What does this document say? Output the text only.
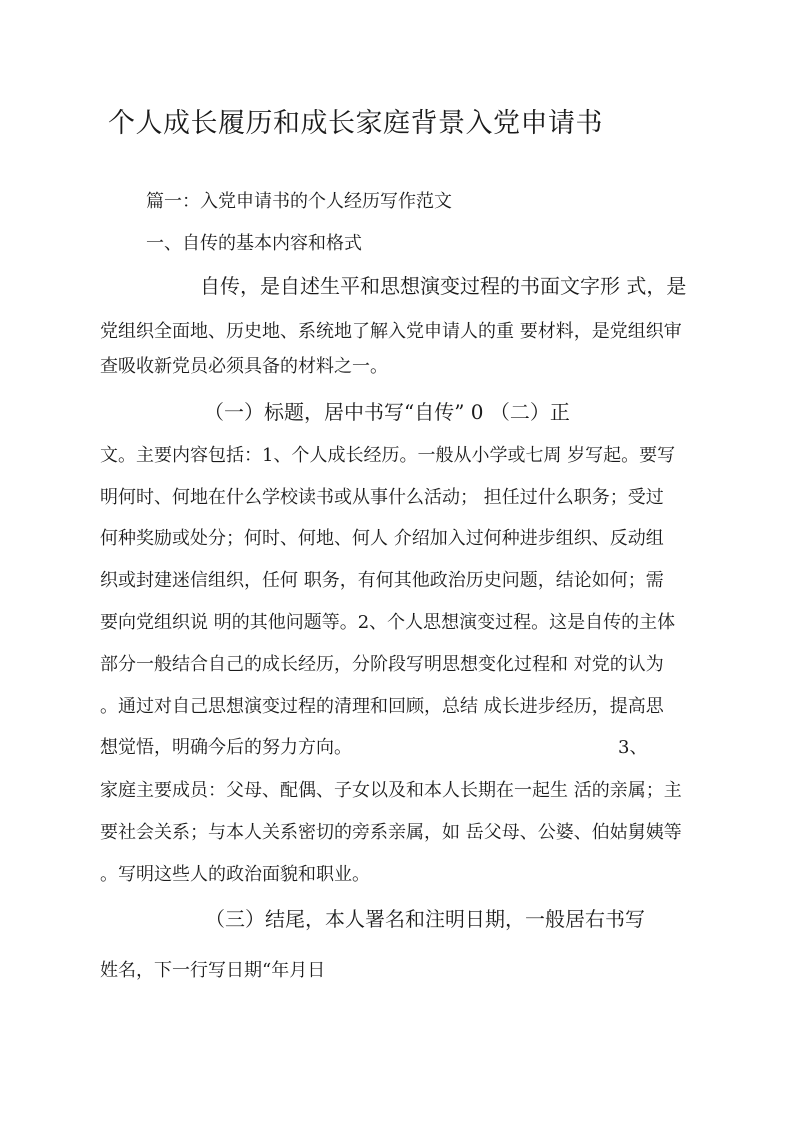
个人成长履历和成长家庭背景入党申请书
篇一：入党申请书的个人经历写作范文
一、自传的基本内容和格式
自传，是自述生平和思想演变过程的书面文字形 式，是
党组织全面地、历史地、系统地了解入党申请人的重 要材料，是党组织审
查吸收新党员必须具备的材料之一。
（一）标题，居中书写“自传” 0 （二）正
文。主要内容包括：1、个人成长经历。一般从小学或七周 岁写起。要写
明何时、何地在什么学校读书或从事什么活动； 担任过什么职务；受过
何种奖励或处分；何时、何地、何人 介绍加入过何种进步组织、反动组
织或封建迷信组织，任何 职务，有何其他政治历史问题，结论如何；需
要向党组织说 明的其他问题等。2、个人思想演变过程。这是自传的主体
部分一般结合自己的成长经历，分阶段写明思想变化过程和 对党的认为
。通过对自己思想演变过程的清理和回顾，总结 成长进步经历，提高思
想觉悟，明确今后的努力方向。	3、
家庭主要成员：父母、配偶、子女以及和本人长期在一起生 活的亲属；主
要社会关系；与本人关系密切的旁系亲属，如 岳父母、公婆、伯姑舅姨等
。写明这些人的政治面貌和职业。
（三）结尾，本人署名和注明日期，一般居右书写
姓名，下一行写日期“年月日
